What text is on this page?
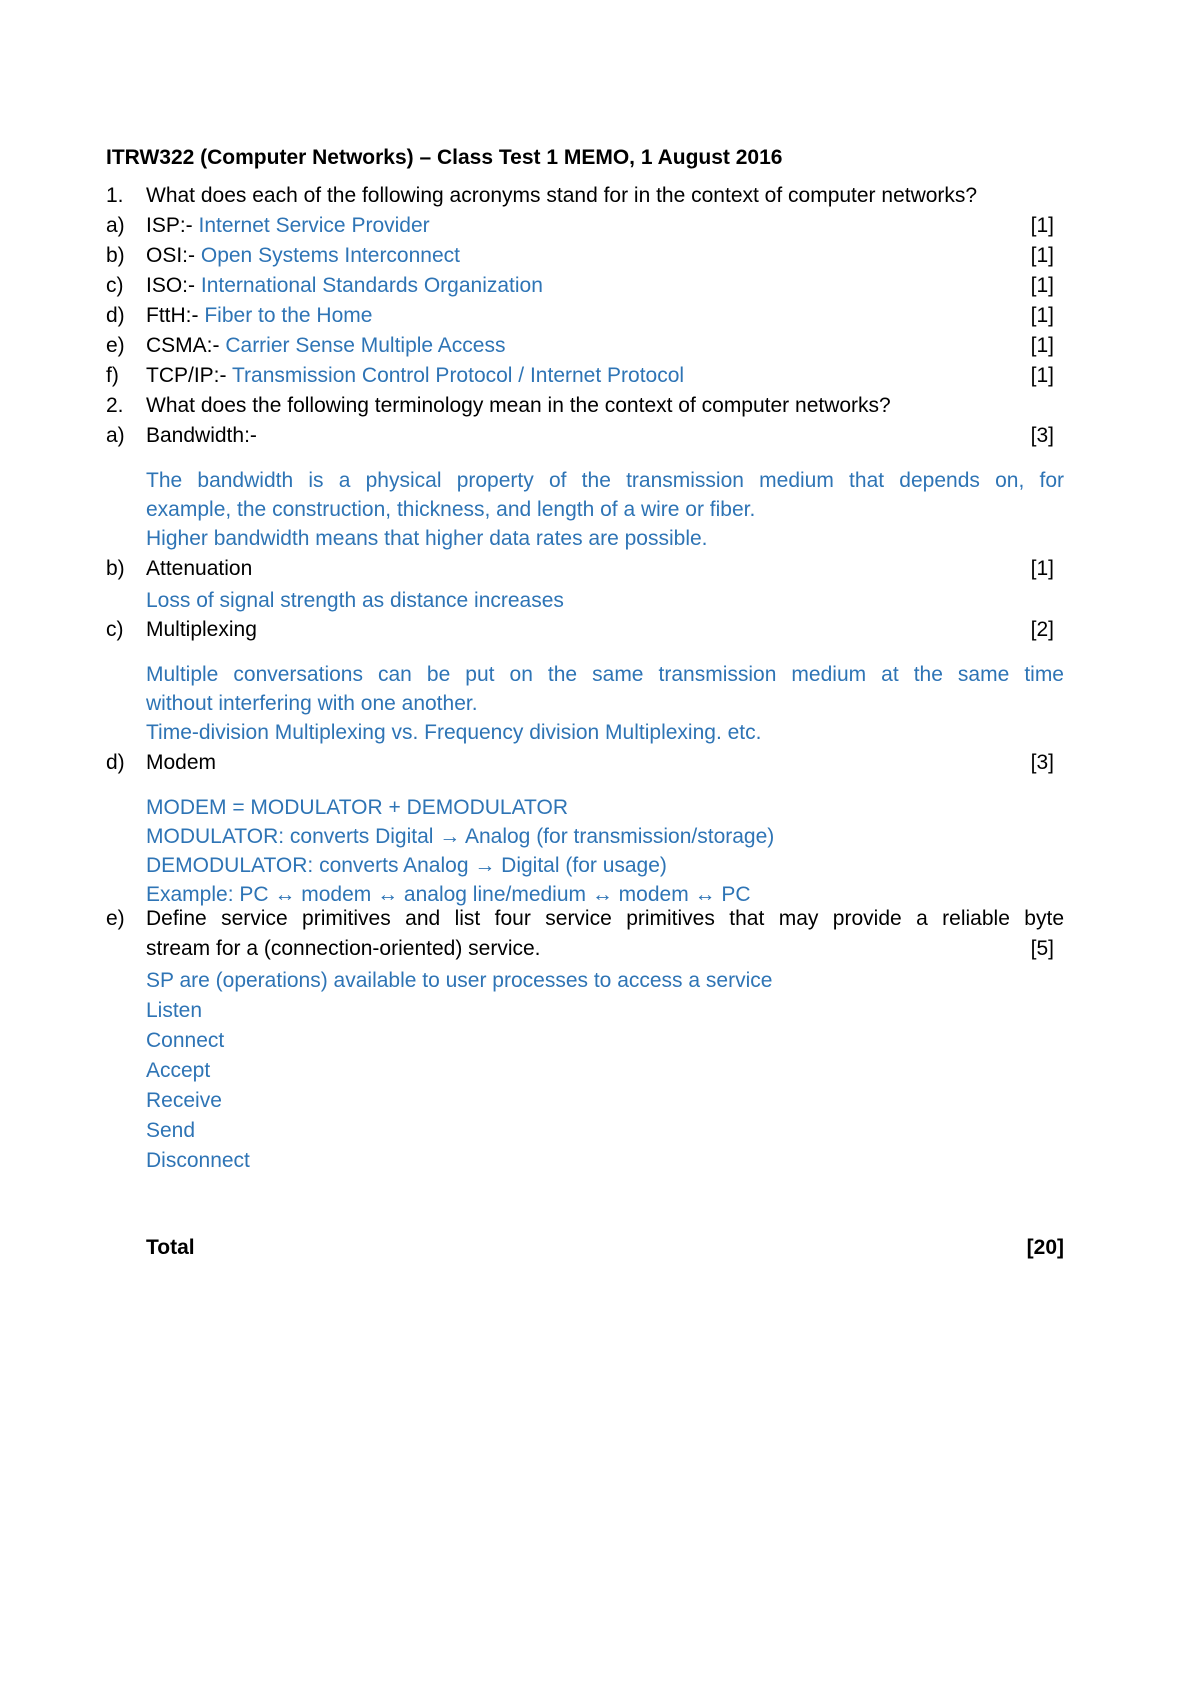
ITRW322 (Computer Networks) – Class Test 1 MEMO, 1 August 2016
1.	What does each of the following acronyms stand for in the context of computer networks?
a)	ISP:- Internet Service Provider	[1]
b)	OSI:- Open Systems Interconnect	[1]
c)	ISO:- International Standards Organization	[1]
d)	FttH:- Fiber to the Home	[1]
e)	CSMA:- Carrier Sense Multiple Access	[1]
f)	TCP/IP:- Transmission Control Protocol / Internet Protocol	[1]
2.	What does the following terminology mean in the context of computer networks?
a)	Bandwidth:-	[3]
The bandwidth is a physical property of the transmission medium that depends on, for
example, the construction, thickness, and length of a wire or fiber.
Higher bandwidth means that higher data rates are possible.
b)	Attenuation	[1]
Loss of signal strength as distance increases
c)	Multiplexing	[2]
Multiple conversations can be put on the same transmission medium at the same time
without interfering with one another.
Time-division Multiplexing vs. Frequency division Multiplexing. etc.
d)	Modem	[3]
MODEM = MODULATOR + DEMODULATOR
MODULATOR: converts Digital → Analog (for transmission/storage)
DEMODULATOR: converts Analog → Digital (for usage)
Example: PC ↔ modem ↔ analog line/medium ↔ modem ↔ PC
e)	Define service primitives and list four service primitives that may provide a reliable byte
stream for a (connection-oriented) service.	[5]
SP are (operations) available to user processes to access a service
Listen
Connect
Accept
Receive
Send
Disconnect
Total	[20]
